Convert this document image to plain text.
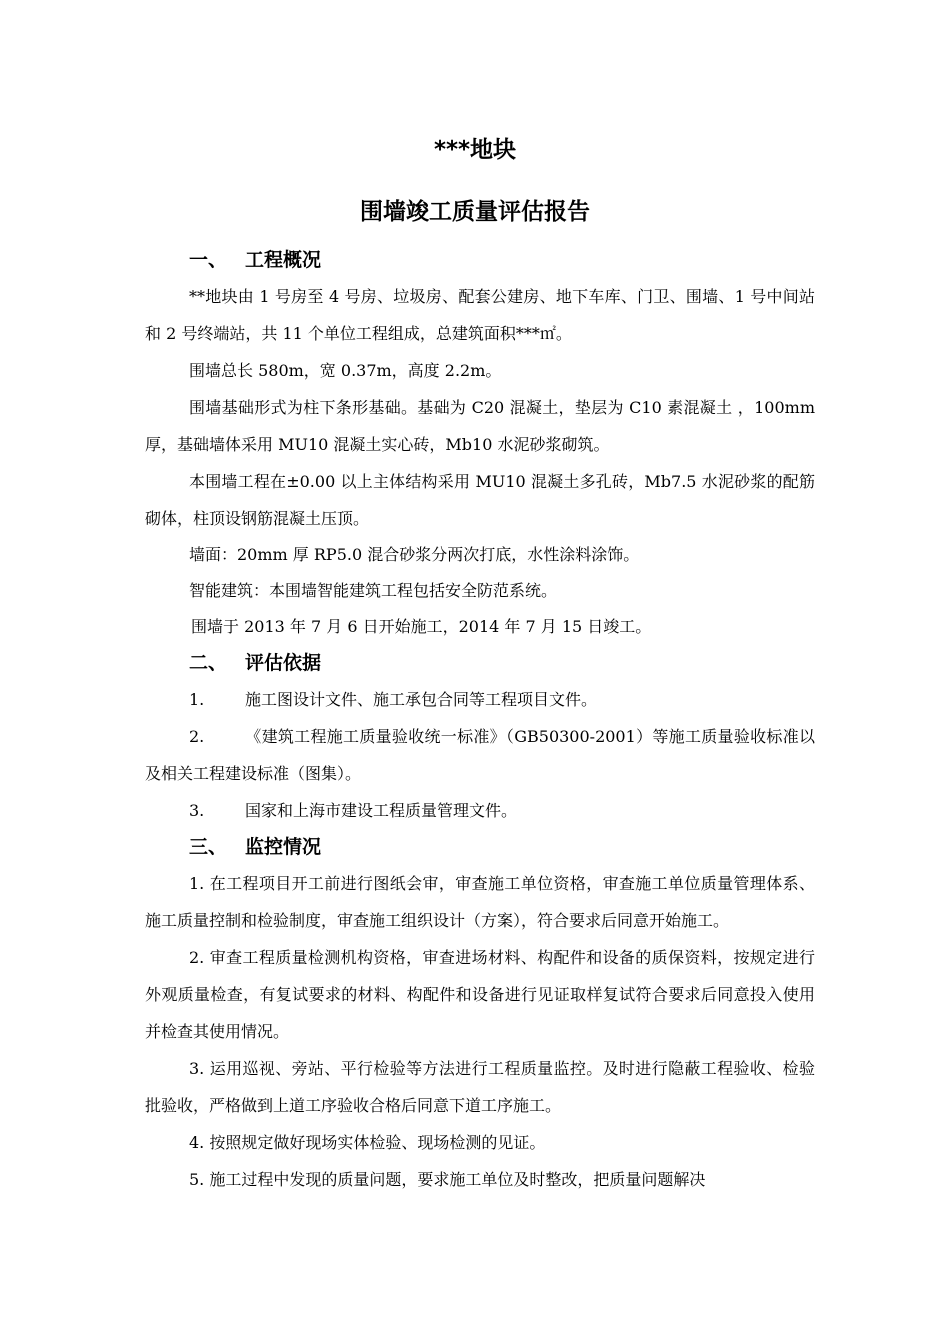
***地块
围墙竣工质量评估报告
一、 工程概况

**地块由 1 号房至 4 号房、垃圾房、配套公建房、地下车库、门卫、围墙、1 号中间站和 2 号终端站，共 11 个单位工程组成，总建筑面积***㎡。

围墙总长 580m，宽 0.37m，高度 2.2m。

围墙基础形式为柱下条形基础。基础为 C20 混凝土，垫层为 C10 素混凝土 ，100mm 厚，基础墙体采用 MU10 混凝土实心砖，Mb10 水泥砂浆砌筑。

本围墙工程在±0.00 以上主体结构采用 MU10 混凝土多孔砖，Mb7.5 水泥砂浆的配筋砌体，柱顶设钢筋混凝土压顶。

墙面：20mm 厚 RP5.0 混合砂浆分两次打底，水性涂料涂饰。

智能建筑：本围墙智能建筑工程包括安全防范系统。

围墙于 2013 年 7 月 6 日开始施工，2014 年 7 月 15 日竣工。

二、 评估依据

1.	施工图设计文件、施工承包合同等工程项目文件。

2.	《建筑工程施工质量验收统一标准》（GB50300-2001）等施工质量验收标准以及相关工程建设标准（图集）。

3.	国家和上海市建设工程质量管理文件。

三、 监控情况

1. 在工程项目开工前进行图纸会审，审查施工单位资格，审查施工单位质量管理体系、施工质量控制和检验制度，审查施工组织设计（方案），符合要求后同意开始施工。

2. 审查工程质量检测机构资格，审查进场材料、构配件和设备的质保资料，按规定进行外观质量检查，有复试要求的材料、构配件和设备进行见证取样复试符合要求后同意投入使用并检查其使用情况。

3. 运用巡视、旁站、平行检验等方法进行工程质量监控。及时进行隐蔽工程验收、检验批验收，严格做到上道工序验收合格后同意下道工序施工。

4. 按照规定做好现场实体检验、现场检测的见证。

5. 施工过程中发现的质量问题，要求施工单位及时整改，把质量问题解决
